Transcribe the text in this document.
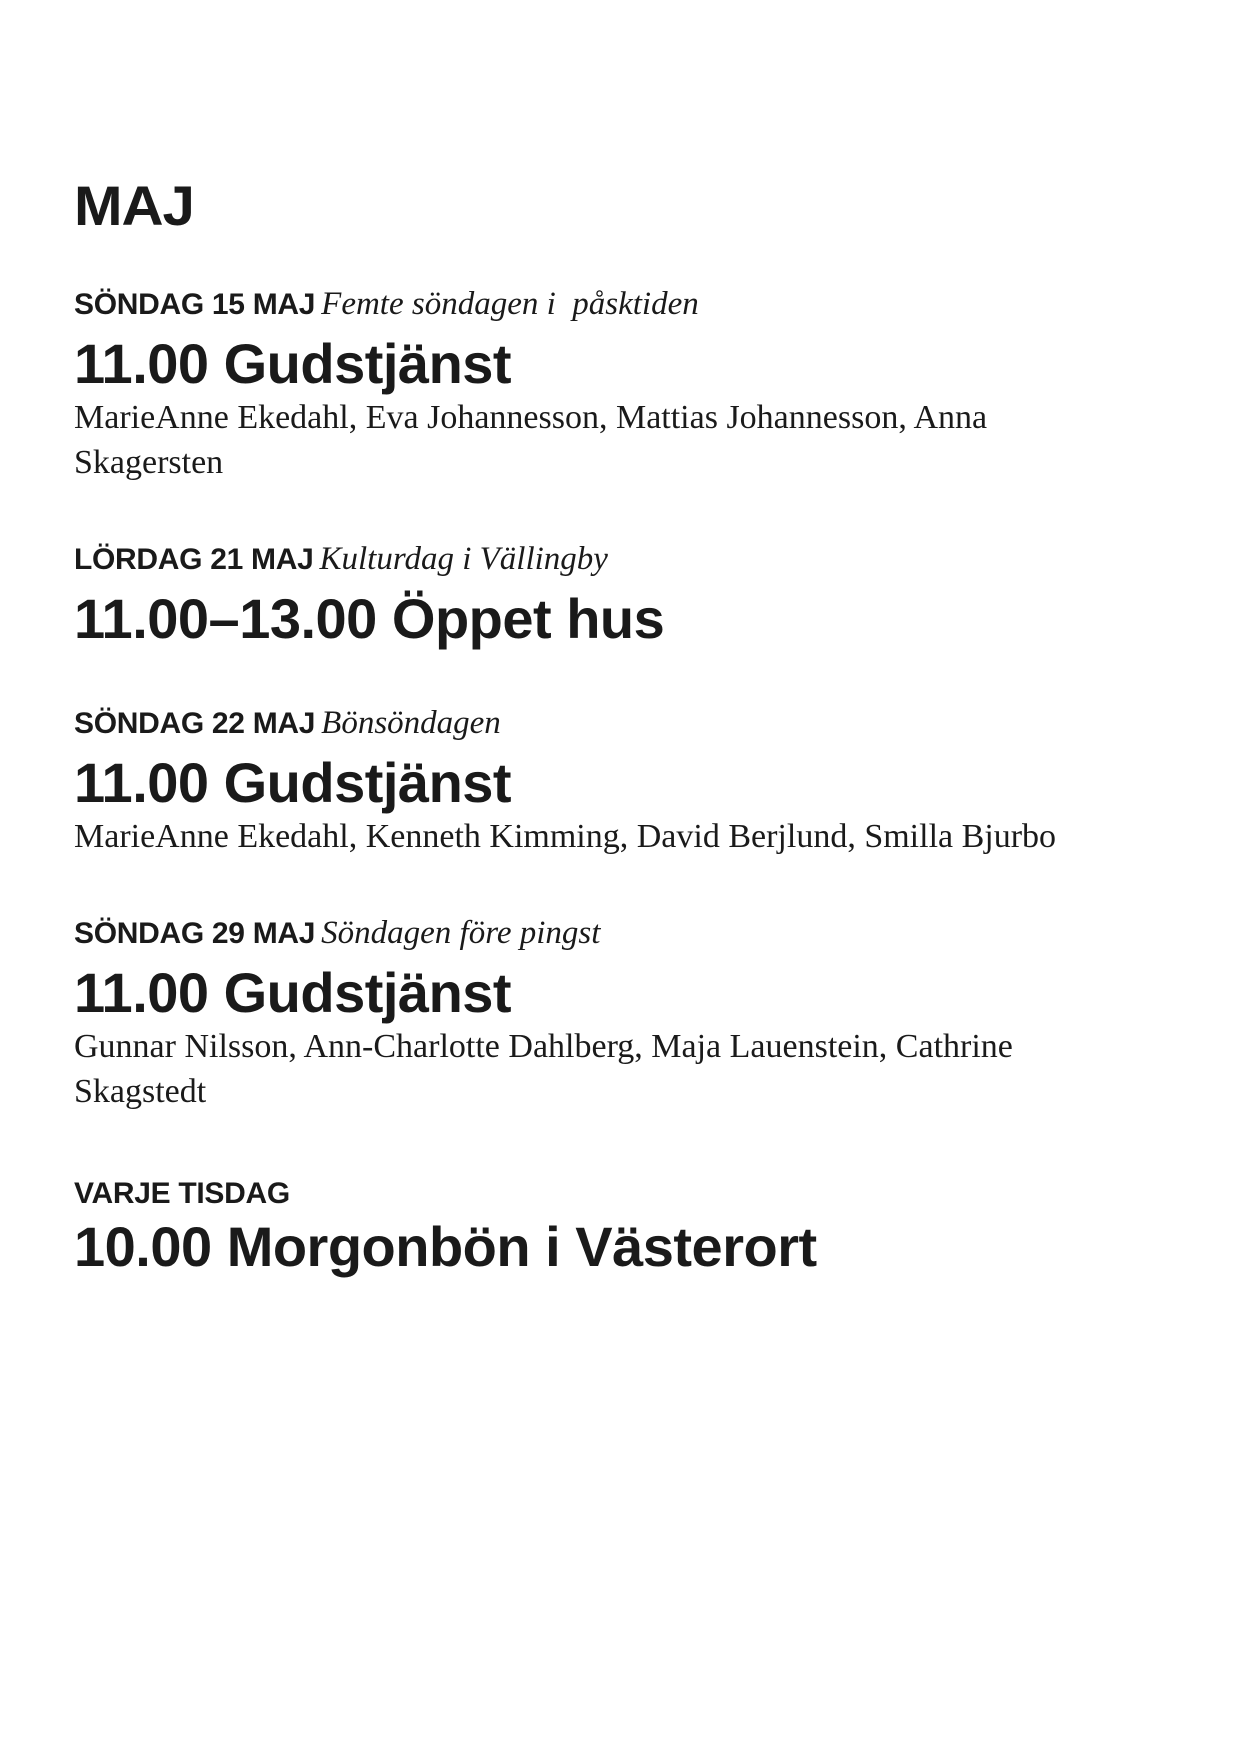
MAJ

SÖNDAG 15 MAJ Femte söndagen i  påsktiden

11.00 Gudstjänst

MarieAnne Ekedahl, Eva Johannesson, Mattias Johannesson, Anna Skagersten

LÖRDAG 21 MAJ Kulturdag i Vällingby

11.00–13.00 Öppet hus

SÖNDAG 22 MAJ Bönsöndagen

11.00 Gudstjänst

MarieAnne Ekedahl, Kenneth Kimming, David Berjlund, Smilla Bjurbo

SÖNDAG 29 MAJ Söndagen före pingst

11.00 Gudstjänst

Gunnar Nilsson, Ann-Charlotte Dahlberg, Maja Lauenstein, Cathrine Skagstedt

VARJE TISDAG

10.00 Morgonbön i Västerort
